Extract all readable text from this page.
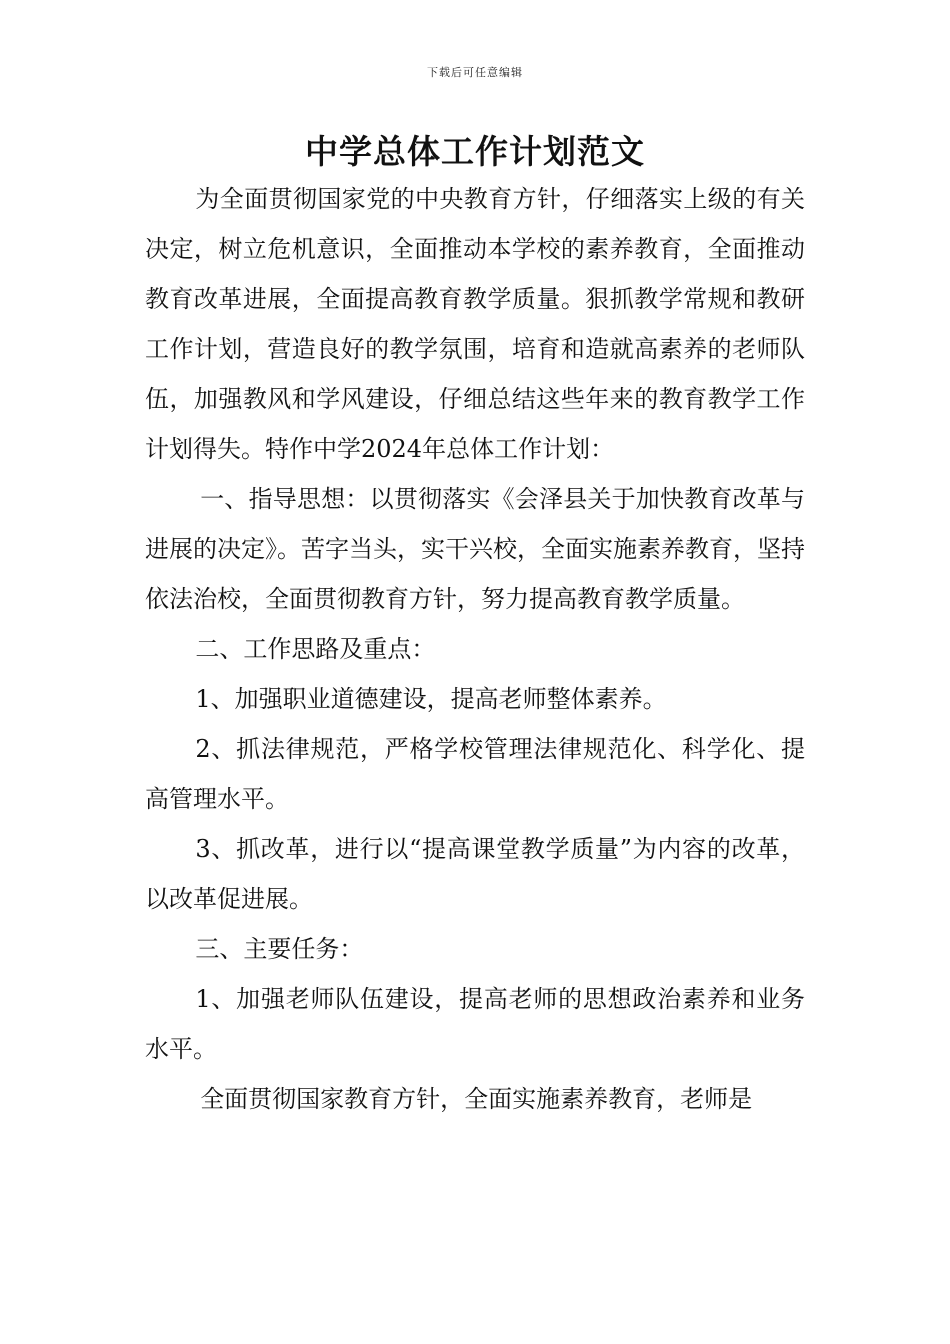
下载后可任意编辑
中学总体工作计划范文

为全面贯彻国家党的中央教育方针，仔细落实上级的有关决定，树立危机意识，全面推动本学校的素养教育，全面推动教育改革进展，全面提高教育教学质量。狠抓教学常规和教研工作计划，营造良好的教学氛围，培育和造就高素养的老师队伍，加强教风和学风建设，仔细总结这些年来的教育教学工作计划得失。特作中学2024年总体工作计划：

一、指导思想：以贯彻落实《会泽县关于加快教育改革与进展的决定》。苦字当头，实干兴校，全面实施素养教育，坚持依法治校，全面贯彻教育方针，努力提高教育教学质量。

二、工作思路及重点：

1、加强职业道德建设，提高老师整体素养。

2、抓法律规范，严格学校管理法律规范化、科学化、提高管理水平。

3、抓改革，进行以“提高课堂教学质量”为内容的改革，以改革促进展。

三、主要任务：

1、加强老师队伍建设，提高老师的思想政治素养和业务水平。

全面贯彻国家教育方针，全面实施素养教育，老师是
